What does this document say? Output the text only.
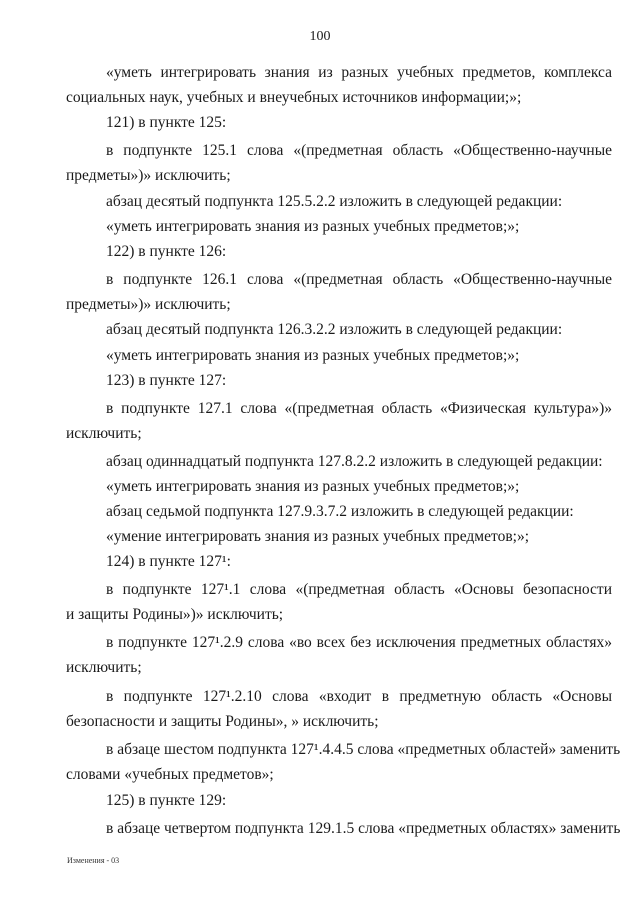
100
«уметь интегрировать знания из разных учебных предметов, комплекса
социальных наук, учебных и внеучебных источников информации;»;
121) в пункте 125:
в подпункте 125.1 слова «(предметная область «Общественно-научные
предметы»)» исключить;
абзац десятый подпункта 125.5.2.2 изложить в следующей редакции:
«уметь интегрировать знания из разных учебных предметов;»;
122) в пункте 126:
в подпункте 126.1 слова «(предметная область «Общественно-научные
предметы»)» исключить;
абзац десятый подпункта 126.3.2.2 изложить в следующей редакции:
«уметь интегрировать знания из разных учебных предметов;»;
123) в пункте 127:
в подпункте 127.1 слова «(предметная область «Физическая культура»)»
исключить;
абзац одиннадцатый подпункта 127.8.2.2 изложить в следующей редакции:
«уметь интегрировать знания из разных учебных предметов;»;
абзац седьмой подпункта 127.9.3.7.2 изложить в следующей редакции:
«умение интегрировать знания из разных учебных предметов;»;
124) в пункте 127¹:
в подпункте 127¹.1 слова «(предметная область «Основы безопасности
и защиты Родины»)» исключить;
в подпункте 127¹.2.9 слова «во всех без исключения предметных областях»
исключить;
в подпункте 127¹.2.10 слова «входит в предметную область «Основы
безопасности и защиты Родины», » исключить;
в абзаце шестом подпункта 127¹.4.4.5 слова «предметных областей» заменить
словами «учебных предметов»;
125) в пункте 129:
в абзаце четвертом подпункта 129.1.5 слова «предметных областях» заменить
Изменения - 03
